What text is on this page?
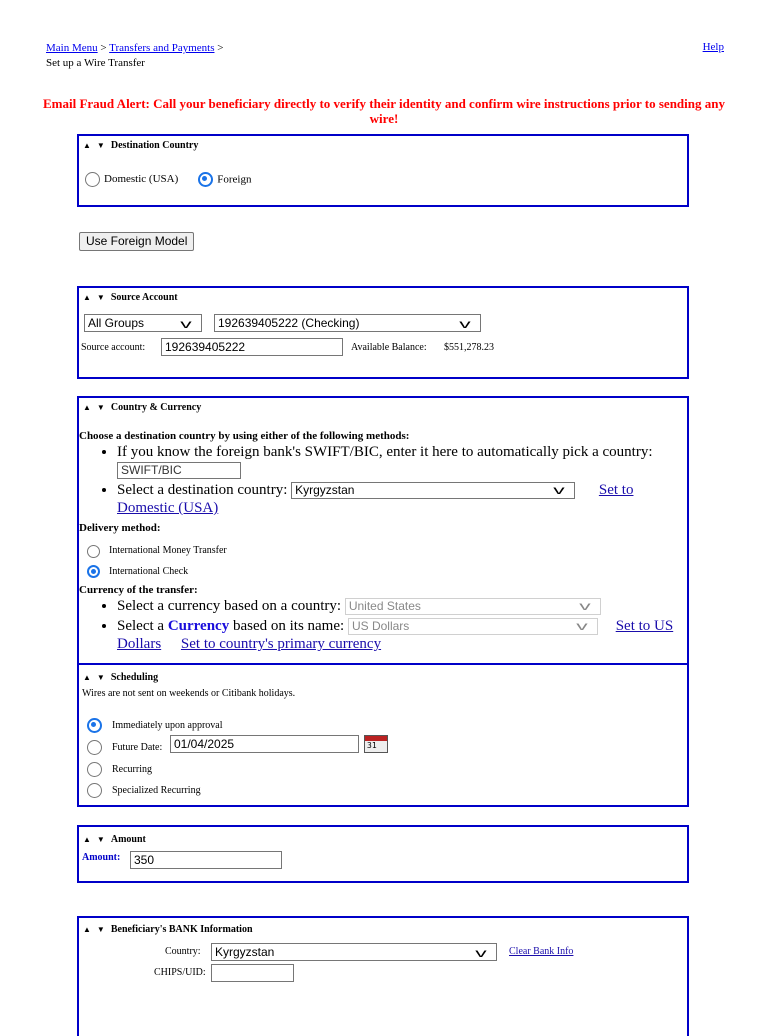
Main Menu > Transfers and Payments >
Set up a Wire Transfer
Help
Email Fraud Alert: Call your beneficiary directly to verify their identity and confirm wire instructions prior to sending any wire!
▲ ▼ Destination Country
Domestic (USA)	Foreign
Use Foreign Model
▲ ▼ Source Account
All Groups	v	192639405222 (Checking)	v
Source account:	192639405222	Available Balance: $551,278.23
▲ ▼ Country & Currency
Choose a destination country by using either of the following methods:
• If you know the foreign bank's SWIFT/BIC, enter it here to automatically pick a country: SWIFT/BIC
• Select a destination country: Kyrgyzstan	v Set to Domestic (USA)
Delivery method:
International Money Transfer
International Check
Currency of the transfer:
• Select a currency based on a country: United States	v
• Select a Currency based on its name: US Dollars	v Set to US Dollars Set to country's primary currency
▲ ▼ Scheduling
Wires are not sent on weekends or Citibank holidays.
Immediately upon approval
Future Date: 01/04/2025	31
Recurring
Specialized Recurring
▲ ▼ Amount
Amount:	350
▲ ▼ Beneficiary's BANK Information
Country:	Kyrgyzstan	v Clear Bank Info
CHIPS/UID:
